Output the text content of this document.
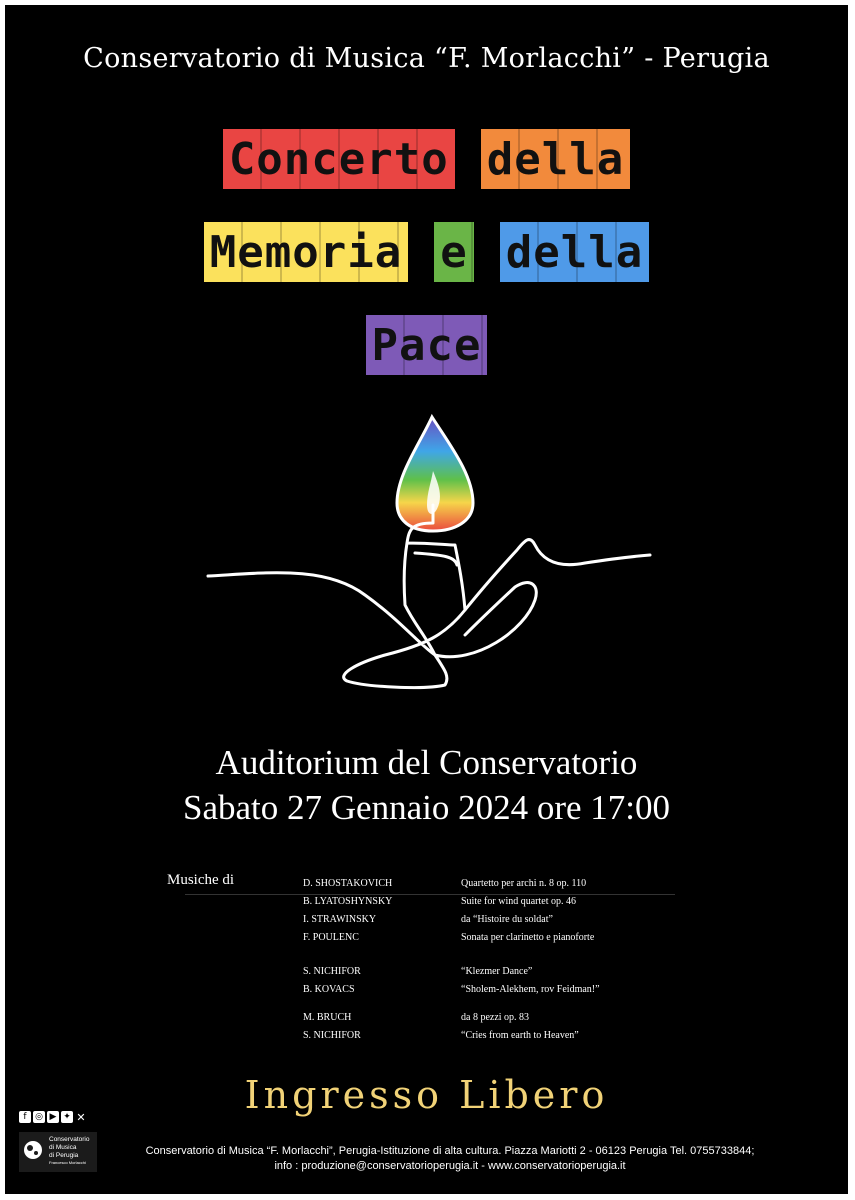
Conservatorio di Musica “F. Morlacchi” - Perugia
Concerto della
Memoria e della
Pace
Auditorium del Conservatorio
Sabato 27 Gennaio 2024 ore 17:00
Musiche di	D. SHOSTAKOVICH	Quartetto per archi n. 8 op. 110
B. LYATOSHYNSKY	Suite for wind quartet op. 46
I. STRAWINSKY	da “Histoire du soldat”
F. POULENC	Sonata per clarinetto e pianoforte
S. NICHIFOR	“Klezmer Dance”
B. KOVACS	“Sholem-Alekhem, rov Feidman!”
M. BRUCH	da 8 pezzi op. 83
S. NICHIFOR	“Cries from earth to Heaven”
Ingresso Libero
f ◎ ▶ ✦ ✕
Conservatorio
di Musica
di Perugia
Francesco Morlacchi
Conservatorio di Musica “F. Morlacchi”, Perugia-Istituzione di alta cultura. Piazza Mariotti 2 - 06123 Perugia Tel. 0755733844;
info : produzione@conservatorioperugia.it - www.conservatorioperugia.it
